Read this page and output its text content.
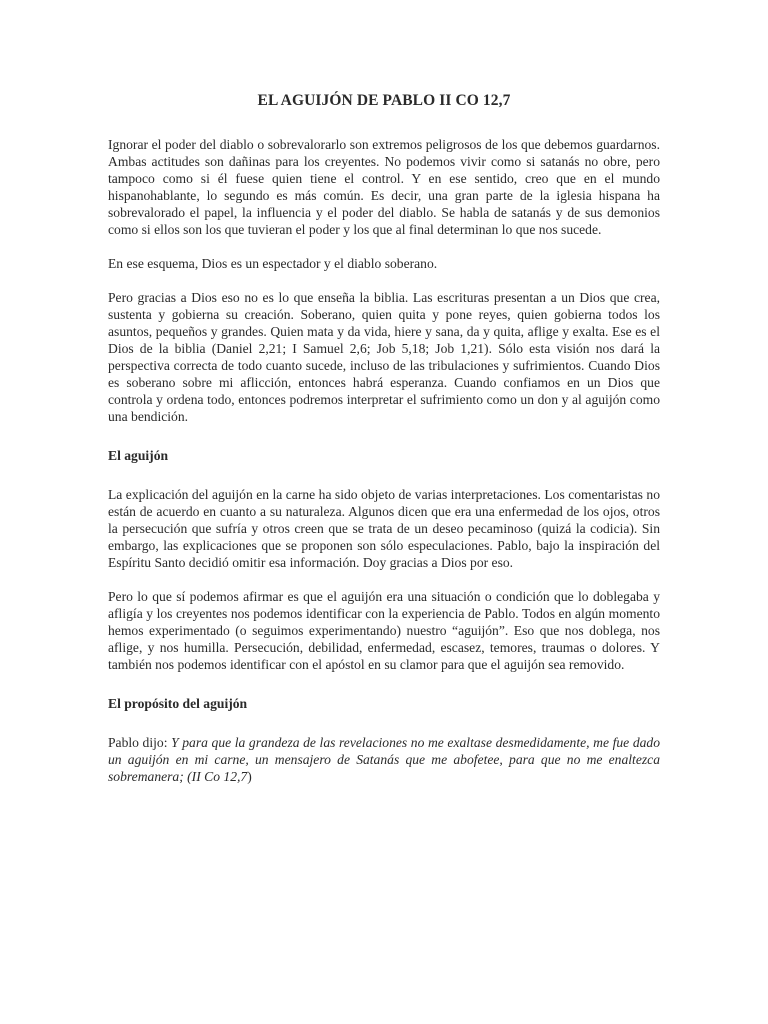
EL AGUIJÓN DE PABLO II CO 12,7

Ignorar el poder del diablo o sobrevalorarlo son extremos peligrosos de los que debemos guardarnos. Ambas actitudes son dañinas para los creyentes. No podemos vivir como si satanás no obre, pero tampoco como si él fuese quien tiene el control. Y en ese sentido, creo que en el mundo hispanohablante, lo segundo es más común. Es decir, una gran parte de la iglesia hispana ha sobrevalorado el papel, la influencia y el poder del diablo. Se habla de satanás y de sus demonios como si ellos son los que tuvieran el poder y los que al final determinan lo que nos sucede.

En ese esquema, Dios es un espectador y el diablo soberano.

Pero gracias a Dios eso no es lo que enseña la biblia. Las escrituras presentan a un Dios que crea, sustenta y gobierna su creación. Soberano, quien quita y pone reyes, quien gobierna todos los asuntos, pequeños y grandes. Quien mata y da vida, hiere y sana, da y quita, aflige y exalta. Ese es el Dios de la biblia (Daniel 2,21; I Samuel 2,6; Job 5,18; Job 1,21). Sólo esta visión nos dará la perspectiva correcta de todo cuanto sucede, incluso de las tribulaciones y sufrimientos. Cuando Dios es soberano sobre mi aflicción, entonces habrá esperanza. Cuando confiamos en un Dios que controla y ordena todo, entonces podremos interpretar el sufrimiento como un don y al aguijón como una bendición.

El aguijón

La explicación del aguijón en la carne ha sido objeto de varias interpretaciones. Los comentaristas no están de acuerdo en cuanto a su naturaleza. Algunos dicen que era una enfermedad de los ojos, otros la persecución que sufría y otros creen que se trata de un deseo pecaminoso (quizá la codicia). Sin embargo, las explicaciones que se proponen son sólo especulaciones. Pablo, bajo la inspiración del Espíritu Santo decidió omitir esa información. Doy gracias a Dios por eso.

Pero lo que sí podemos afirmar es que el aguijón era una situación o condición que lo doblegaba y afligía y los creyentes nos podemos identificar con la experiencia de Pablo. Todos en algún momento hemos experimentado (o seguimos experimentando) nuestro “aguijón”. Eso que nos doblega, nos aflige, y nos humilla. Persecución, debilidad, enfermedad, escasez, temores, traumas o dolores. Y también nos podemos identificar con el apóstol en su clamor para que el aguijón sea removido.

El propósito del aguijón

Pablo dijo: Y para que la grandeza de las revelaciones no me exaltase desmedidamente, me fue dado un aguijón en mi carne, un mensajero de Satanás que me abofetee, para que no me enaltezca sobremanera; (II Co 12,7)
